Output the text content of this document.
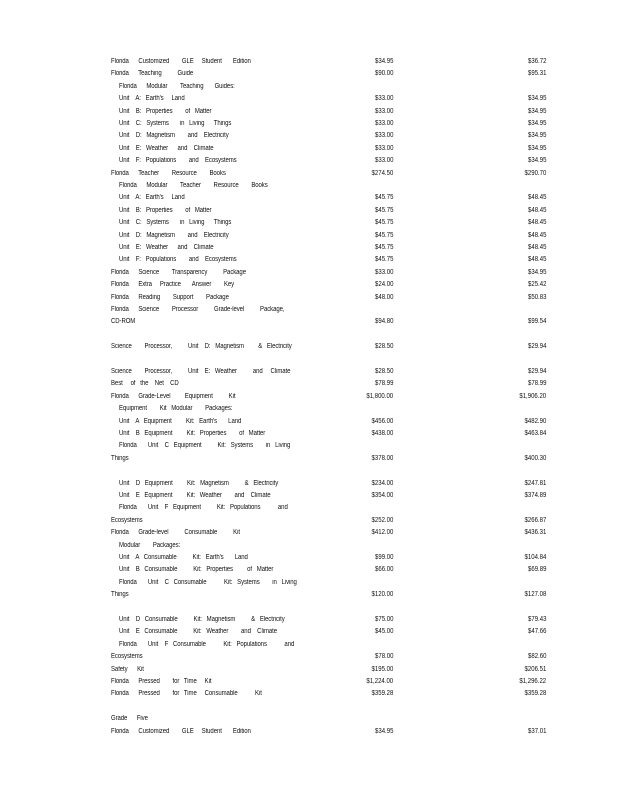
Florida      Customized        GLE     Student       Edition	$34.95	$36.72
Florida      Teaching          Guide	$90.00	$95.31
Florida      Modular        Teaching       Guides:
Unit    A:   Earth's     Land	$33.00	$34.95
Unit    B:   Properties        of   Matter	$33.00	$34.95
Unit    C:   Systems       in   Living      Things	$33.00	$34.95
Unit    D:   Magnetism        and    Electricity	$33.00	$34.95
Unit    E:   Weather      and    Climate	$33.00	$34.95
Unit    F:   Populations        and    Ecosystems	$33.00	$34.95
Florida      Teacher        Resource        Books	$274.50	$290.70
Florida      Modular        Teacher        Resource        Books
Unit    A:   Earth's     Land	$45.75	$48.45
Unit    B:   Properties        of   Matter	$45.75	$48.45
Unit    C:   Systems       in   Living      Things	$45.75	$48.45
Unit    D:   Magnetism        and    Electricity	$45.75	$48.45
Unit    E:   Weather      and    Climate	$45.75	$48.45
Unit    F:   Populations        and    Ecosystems	$45.75	$48.45
Florida      Science        Transparency          Package	$33.00	$34.95
Florida      Extra     Practice       Answer        Key	$24.00	$25.42
Florida      Reading        Support        Package	$48.00	$50.83
Florida      Science        Processor          Grade-level          Package,
CD-ROM	$94.80	$99.54
Science        Processor,          Unit    D:   Magnetism         &   Electricity	$28.50	$29.94
Science        Processor,          Unit    E:   Weather          and     Climate	$28.50	$29.94
Best     of   the    Net    CD	$78.99	$78.99
Florida      Grade-Level         Equipment          Kit	$1,800.00	$1,906.20
Equipment        Kit   Modular        Packages:
Unit    A   Equipment         Kit:   Earth's       Land	$456.00	$482.90
Unit    B   Equipment         Kit:   Properties        of   Matter	$438.00	$463.84
Florida       Unit    C   Equipment          Kit:   Systems        in   Living
Things	$378.00	$400.30
Unit    D   Equipment         Kit:   Magnetism          &   Electricity	$234.00	$247.81
Unit    E   Equipment         Kit:   Weather        and    Climate	$354.00	$374.89
Florida       Unit    F   Equipment          Kit:   Populations           and
Ecosystems	$252.00	$266.87
Florida      Grade-level          Consumable          Kit	$412.00	$436.31
Modular        Packages:
Unit    A   Consumable          Kit:   Earth's       Land	$99.00	$104.84
Unit    B   Consumable          Kit:   Properties         of   Matter	$66.00	$69.89
Florida       Unit    C   Consumable           Kit:   Systems        in   Living
Things	$120.00	$127.08
Unit    D   Consumable          Kit:   Magnetism          &   Electricity	$75.00	$79.43
Unit    E   Consumable          Kit:   Weather        and    Climate	$45.00	$47.66
Florida       Unit    F   Consumable           Kit:   Populations           and
Ecosystems	$78.00	$82.60
Safety      Kit	$195.00	$206.51
Florida      Pressed        for   Time     Kit	$1,224.00	$1,296.22
Florida      Pressed        for   Time     Consumable           Kit	$359.28	$359.28
Grade      Five
Florida      Customized        GLE     Student       Edition	$34.95	$37.01
